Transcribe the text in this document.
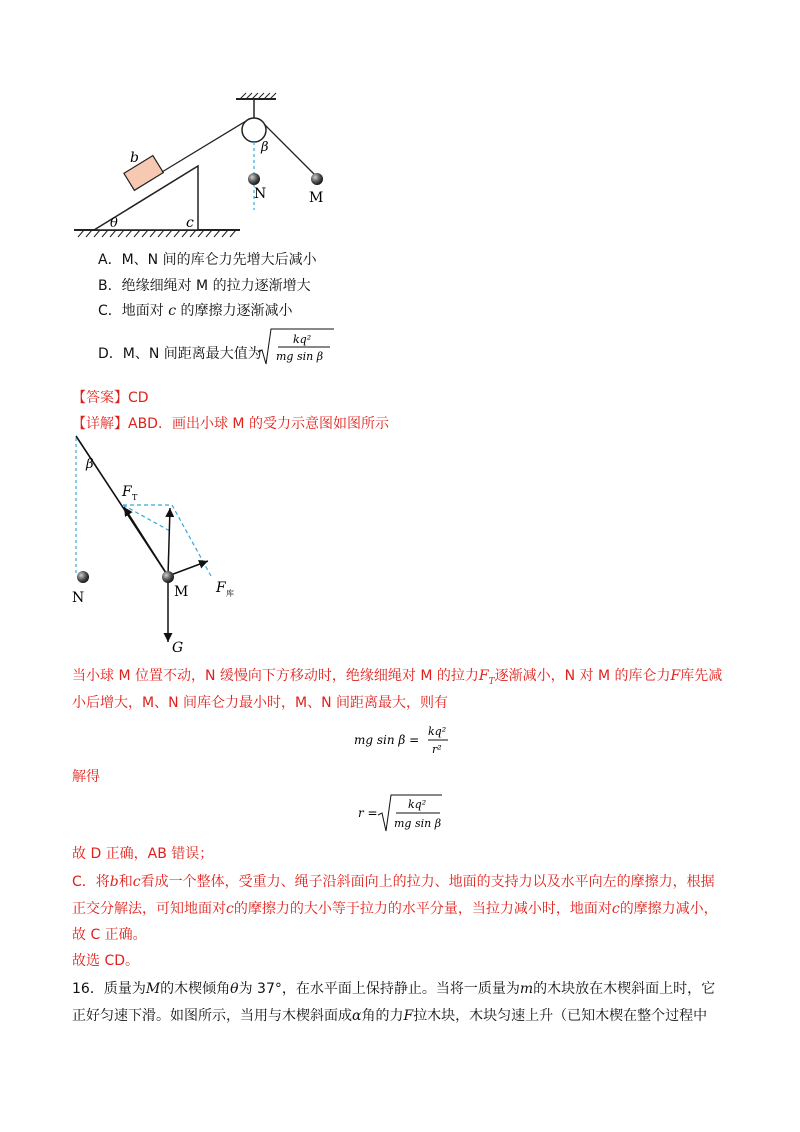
b
θ	c
β
N	M
A．M、N 间的库仑力先增大后减小
B．绝缘细绳对 M 的拉力逐渐增大
C．地面对 c 的摩擦力逐渐减小
D．M、N 间距离最大值为
kq²
mg sin β
【答案】CD
【详解】ABD．画出小球 M 的受力示意图如图所示
β
F T
N	M F 库
G
当小球 M 位置不动，N 缓慢向下方移动时，绝缘细绳对 M 的拉力$F_T$逐渐减小，N 对 M 的库仑力F库先减
小后增大，M、N 间库仑力最小时，M、N 间距离最大，则有
mg sin β =
kq²
r²
解得
r =
kq²
mg sin β
故 D 正确，AB 错误；
C．将b和c看成一个整体，受重力、绳子沿斜面向上的拉力、地面的支持力以及水平向左的摩擦力，根据
正交分解法，可知地面对c的摩擦力的大小等于拉力的水平分量，当拉力减小时，地面对c的摩擦力减小，
故 C 正确。
故选 CD。
16．质量为M的木楔倾角θ为 37°，在水平面上保持静止。当将一质量为m的木块放在木楔斜面上时，它
正好匀速下滑。如图所示，当用与木楔斜面成α角的力F拉木块，木块匀速上升（已知木楔在整个过程中
